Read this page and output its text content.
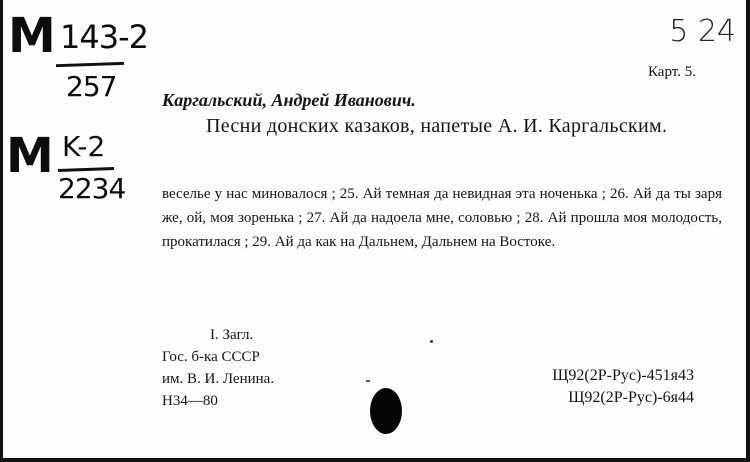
M 143-2
257
M K-2
2234
5 24
Карт. 5.
Каргальский, Андрей Иванович.
Песни донских казаков, напетые А. И. Каргальским.
веселье у нас миновалося ; 25. Ай темная да невидная эта ноченька ; 26. Ай да ты заря же, ой, моя зоренька ; 27. Ай да надоела мне, соловью ; 28. Ай прошла моя молодость, прокатилася ; 29. Ай да как на Дальнем, Дальнем на Востоке.
I. Загл.
Гос. б-ка СССР
им. В. И. Ленина.
Н34—80
Щ92(2Р-Рус)-451я43
Щ92(2Р-Рус)-6я44
